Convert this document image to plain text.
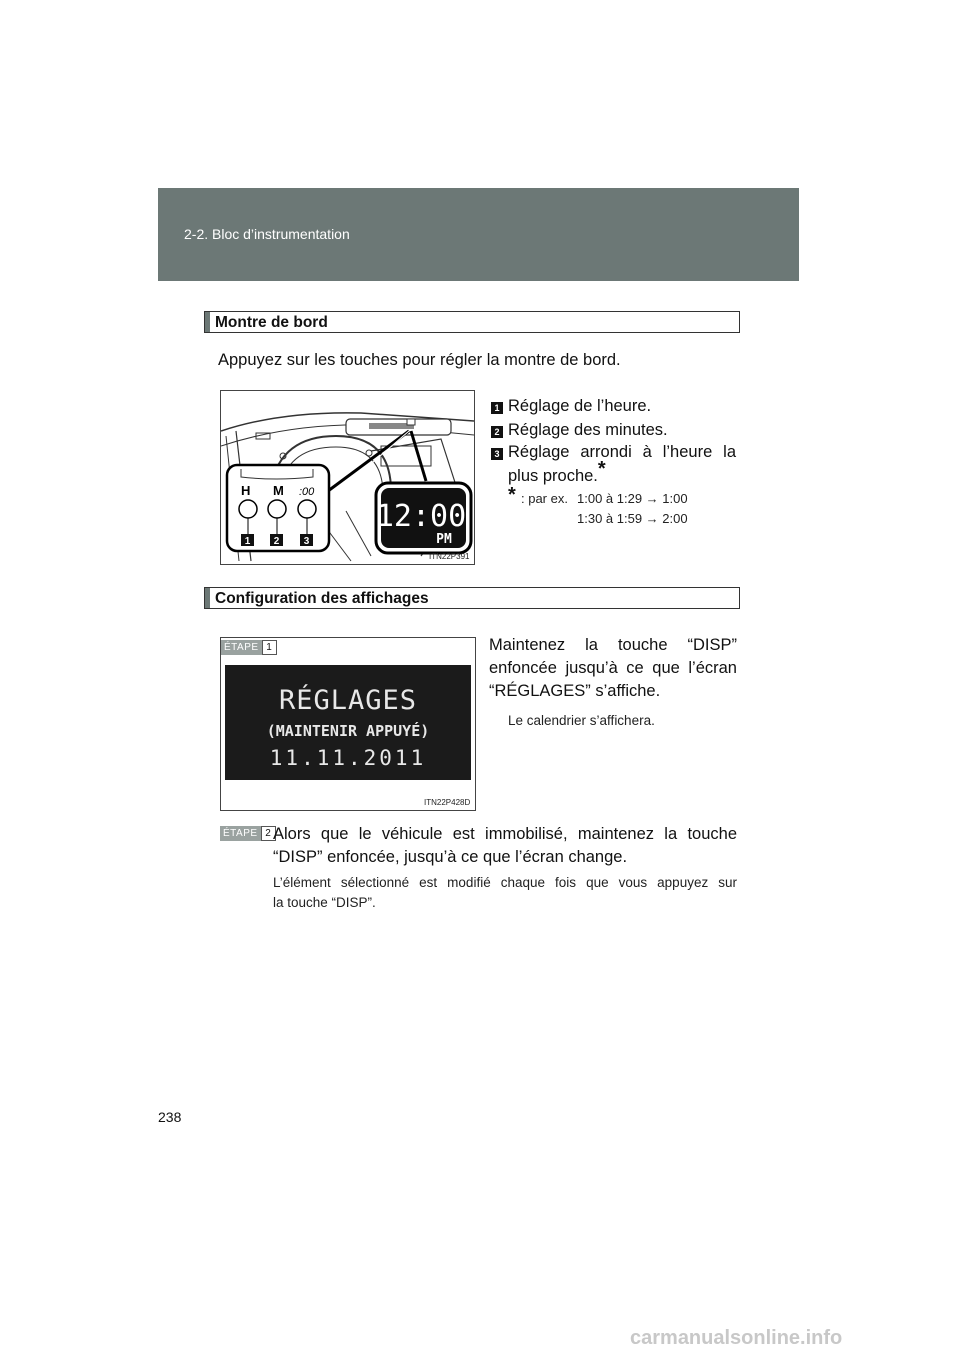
2-2. Bloc d’instrumentation
Montre de bord
Appuyez sur les touches pour régler la montre de bord.
H M :00
1 2 3
12:00
PM
ITN22P391
1 Réglage de l’heure.
2 Réglage des minutes.
3 Réglage arrondi à l’heure la
plus proche.*
* : par ex. 1:00 à 1:29 → 1:00
1:30 à 1:59 → 2:00
Configuration des affichages
ÉTAPE 1
RÉGLAGES
(MAINTENIR APPUYÉ)
11.11.2011
ITN22P428D
Maintenez la touche “DISP”
enfoncée jusqu’à ce que l’écran
“RÉGLAGES” s’affiche.
Le calendrier s’affichera.
ÉTAPE 2 Alors que le véhicule est immobilisé, maintenez la touche
“DISP” enfoncée, jusqu’à ce que l’écran change.
L’élément sélectionné est modifié chaque fois que vous appuyez sur
la touche “DISP”.
238
carmanualsonline.info
